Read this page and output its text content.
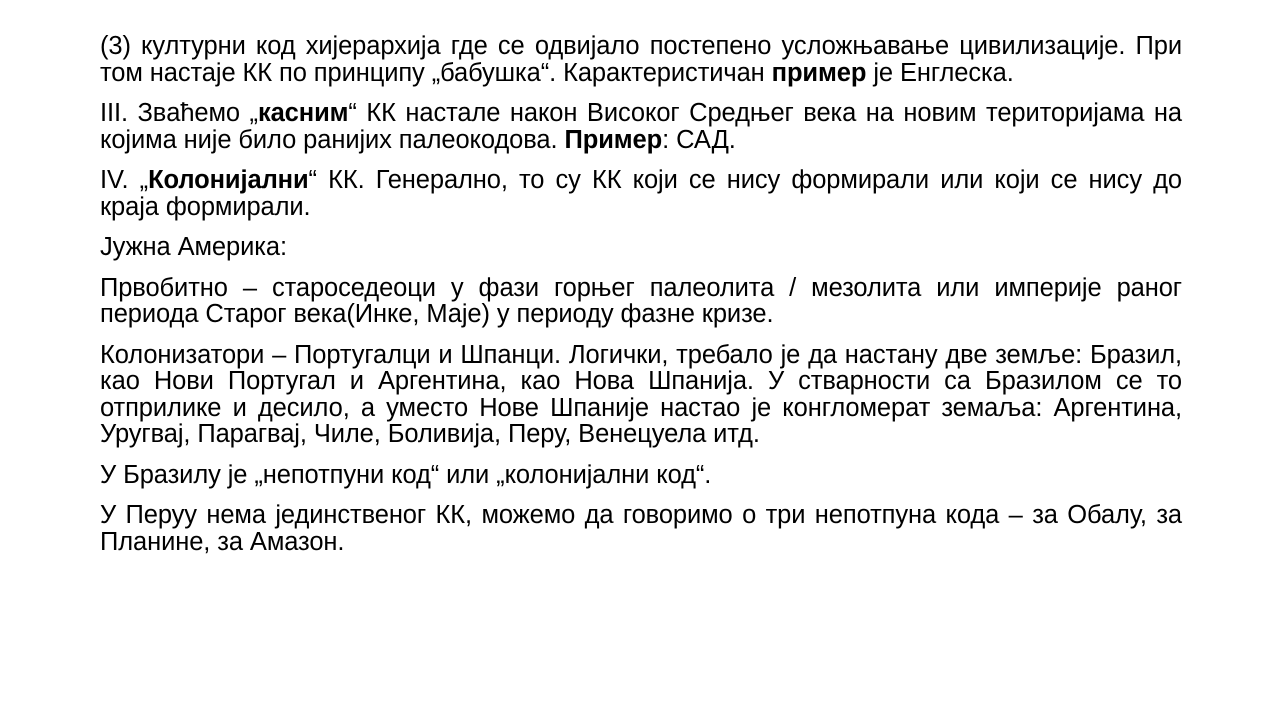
(3) културни код хијерархија где се одвијало постепено усложњавање цивилизације. При том настаје КК по принципу „бабушка“. Карактеристичан пример је Енглеска.

III. Звaћемо „касним“ КК настале након Високог Средњег века на новим територијама на којима није било ранијих палеокодова. Пример: САД.

IV. „Колонијални“ КК. Генерално, то су КК који се нису формирали или који се нису до краја формирали.

Јужна Америка:

Првобитно – староседеоци у фази горњег палеолита / мезолита или империје раног периода Старог века(Инке, Маје) у периоду фазне кризе.

Колонизатори – Португалци и Шпанци. Логички, требало је да настану две земље: Бразил, као Нови Португал и Аргентина, као Нова Шпанија. У стварности са Бразилом се то отприлике и десило, а уместо Нове Шпаније настао је конгломерат земаља: Аргентина, Уругвај, Парагвај, Чиле, Боливија, Перу, Венецуела итд.

У Бразилу је „непотпуни код“ или „колонијални код“.

У Перуу нема јединственог КК, можемо да говоримо о три непотпуна кода – за Обалу, за Планине, за Амазон.
